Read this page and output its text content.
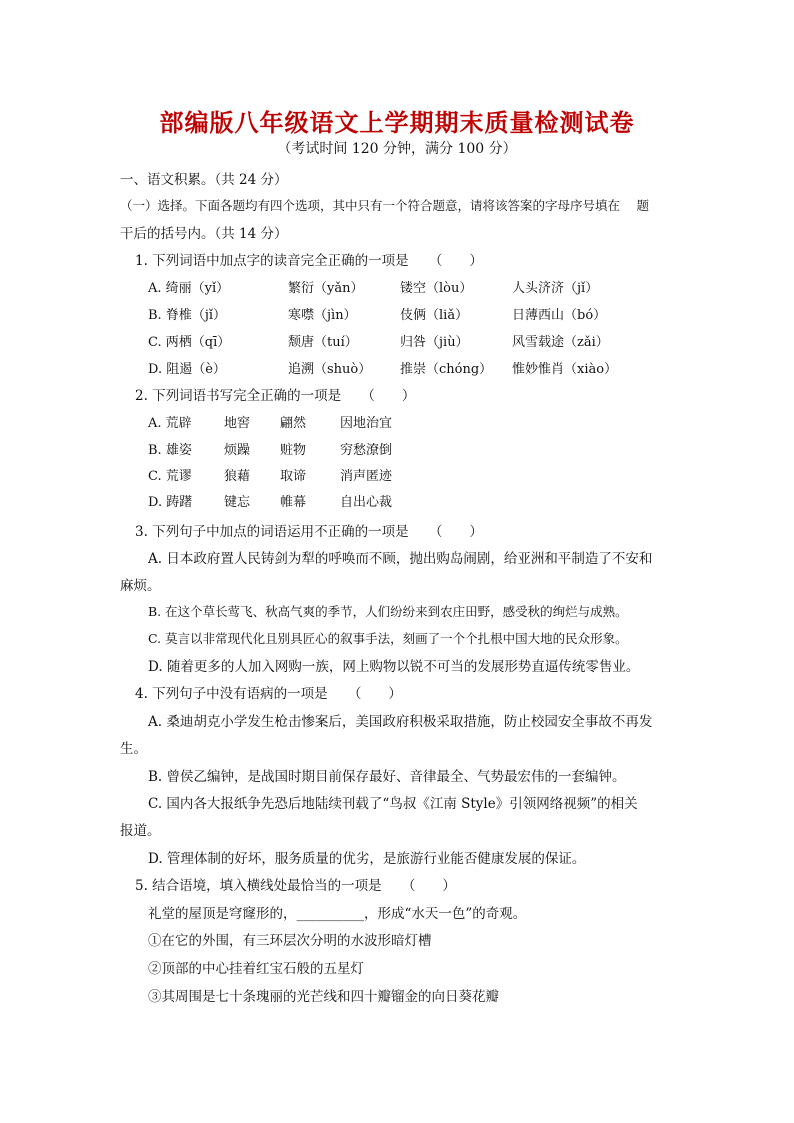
部编版八年级语文上学期期末质量检测试卷
（考试时间 120 分钟，满分 100 分）
一、语文积累。（共 24 分）
（一）选择。下面各题均有四个选项，其中只有一个符合题意，请将该答案的字母序号填在　 题
干后的括号内。（共 14 分）
1. 下列词语中加点字的读音完全正确的一项是　　（　　）
A. 绮丽（yǐ）	繁衍（yǎn）	镂空（lòu）	人头济济（jǐ）
B. 脊椎（jǐ）	寒噤（jìn）	伎俩（liǎ）	日薄西山（bó）
C. 两栖（qī）	颓唐（tuí）	归咎（jiù）	风雪载途（zǎi）
D. 阻遏（è）	追溯（shuò） 推崇（chóng） 惟妙惟肖（xiào）
2. 下列词语书写完全正确的一项是　　（　　）
A. 荒辟 地窖 翩然	因地治宜
B. 雄姿 烦躁 赃物	穷愁潦倒
C. 荒谬 狼藉 取谛	消声匿迹
D. 踌躇 键忘 帷幕	自出心裁
3. 下列句子中加点的词语运用不正确的一项是　　（　　）
A. 日本政府置人民铸剑为犁的呼唤而不顾，抛出购岛闹剧，给亚洲和平制造了不安和
麻烦。
B. 在这个草长莺飞、秋高气爽的季节，人们纷纷来到农庄田野，感受秋的绚烂与成熟。
C. 莫言以非常现代化且别具匠心的叙事手法，刻画了一个个扎根中国大地的民众形象。
D. 随着更多的人加入网购一族，网上购物以锐不可当的发展形势直逼传统零售业。
4. 下列句子中没有语病的一项是　　（　　）
A. 桑迪胡克小学发生枪击惨案后，美国政府积极采取措施，防止校园安全事故不再发
生。
B. 曾侯乙编钟，是战国时期目前保存最好、音律最全、气势最宏伟的一套编钟。
C. 国内各大报纸争先恐后地陆续刊载了“鸟叔《江南 Style》引领网络视频”的相关
报道。
D. 管理体制的好坏，服务质量的优劣，是旅游行业能否健康发展的保证。
5. 结合语境，填入横线处最恰当的一项是　　（　　）
礼堂的屋顶是穹窿形的，__________，形成“水天一色”的奇观。
①在它的外围，有三环层次分明的水波形暗灯槽
②顶部的中心挂着红宝石般的五星灯
③其周围是七十条瑰丽的光芒线和四十瓣镏金的向日葵花瓣
